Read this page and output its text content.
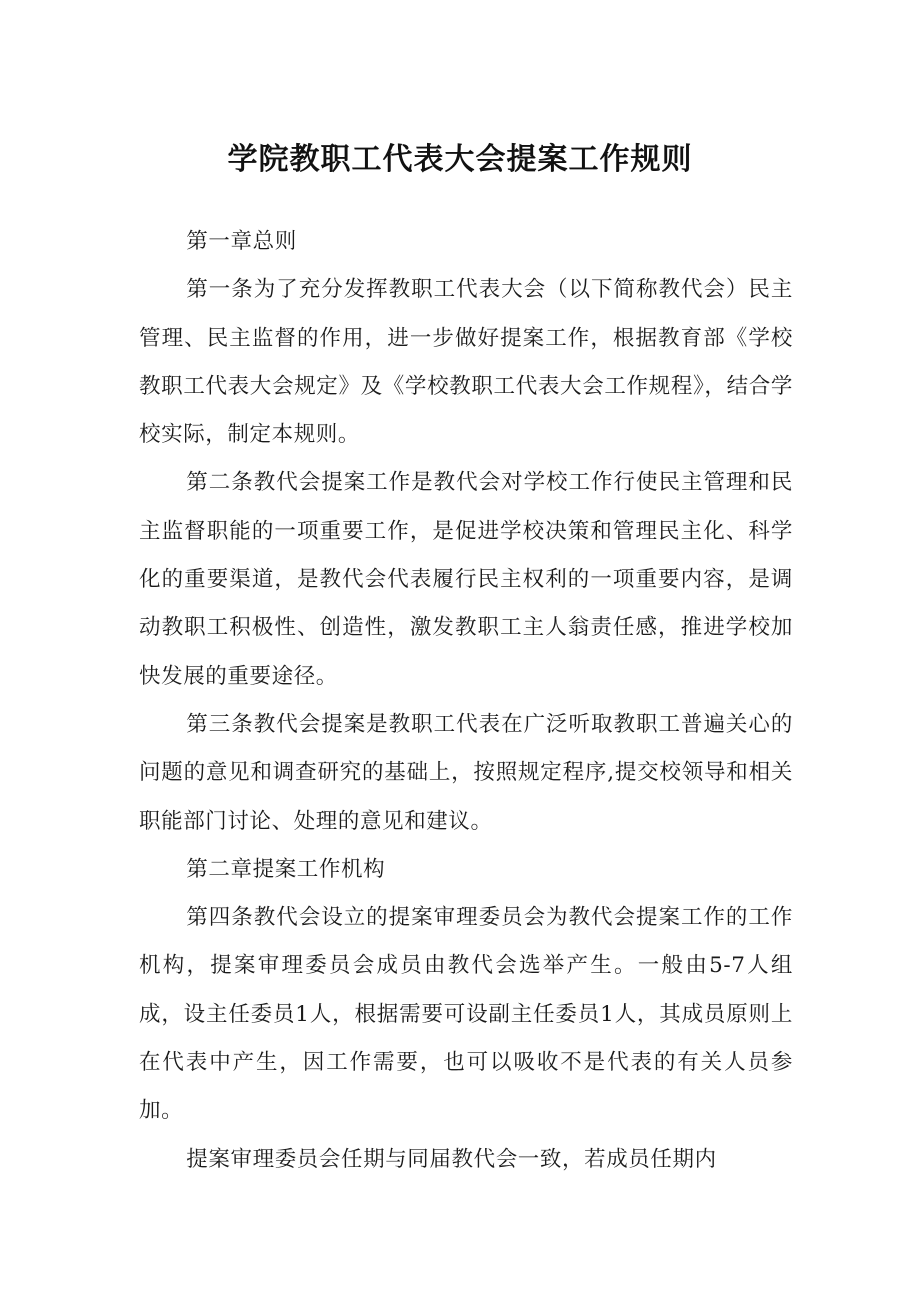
学院教职工代表大会提案工作规则

第一章总则

第一条为了充分发挥教职工代表大会（以下简称教代会）民主管理、民主监督的作用，进一步做好提案工作，根据教育部《学校教职工代表大会规定》及《学校教职工代表大会工作规程》，结合学校实际，制定本规则。

第二条教代会提案工作是教代会对学校工作行使民主管理和民主监督职能的一项重要工作，是促进学校决策和管理民主化、科学化的重要渠道，是教代会代表履行民主权利的一项重要内容，是调动教职工积极性、创造性，激发教职工主人翁责任感，推进学校加快发展的重要途径。

第三条教代会提案是教职工代表在广泛听取教职工普遍关心的问题的意见和调查研究的基础上，按照规定程序,提交校领导和相关职能部门讨论、处理的意见和建议。

第二章提案工作机构

第四条教代会设立的提案审理委员会为教代会提案工作的工作机构，提案审理委员会成员由教代会选举产生。一般由5-7人组成，设主任委员1人，根据需要可设副主任委员1人，其成员原则上在代表中产生，因工作需要，也可以吸收不是代表的有关人员参加。

提案审理委员会任期与同届教代会一致，若成员任期内
